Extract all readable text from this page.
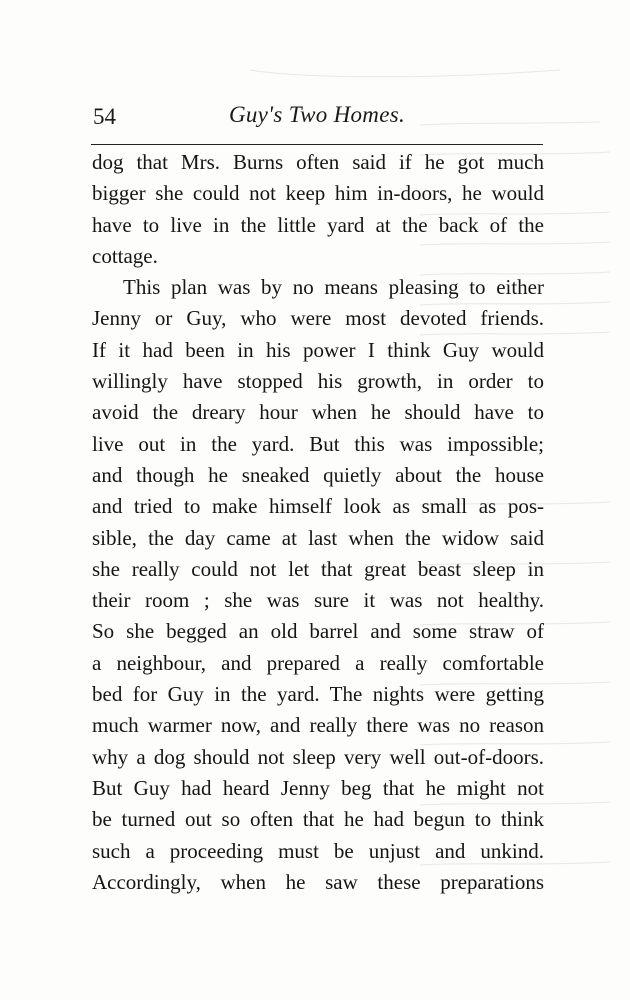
54	Guy's Two Homes.
dog that Mrs. Burns often said if he got much
bigger she could not keep him in-doors, he would
have to live in the little yard at the back of the
cottage.
This plan was by no means pleasing to either
Jenny or Guy, who were most devoted friends.
If it had been in his power I think Guy would
willingly have stopped his growth, in order to
avoid the dreary hour when he should have to
live out in the yard. But this was impossible;
and though he sneaked quietly about the house
and tried to make himself look as small as pos-
sible, the day came at last when the widow said
she really could not let that great beast sleep in
their room ; she was sure it was not healthy.
So she begged an old barrel and some straw of
a neighbour, and prepared a really comfortable
bed for Guy in the yard. The nights were getting
much warmer now, and really there was no reason
why a dog should not sleep very well out-of-doors.
But Guy had heard Jenny beg that he might not
be turned out so often that he had begun to think
such a proceeding must be unjust and unkind.
Accordingly, when he saw these preparations
